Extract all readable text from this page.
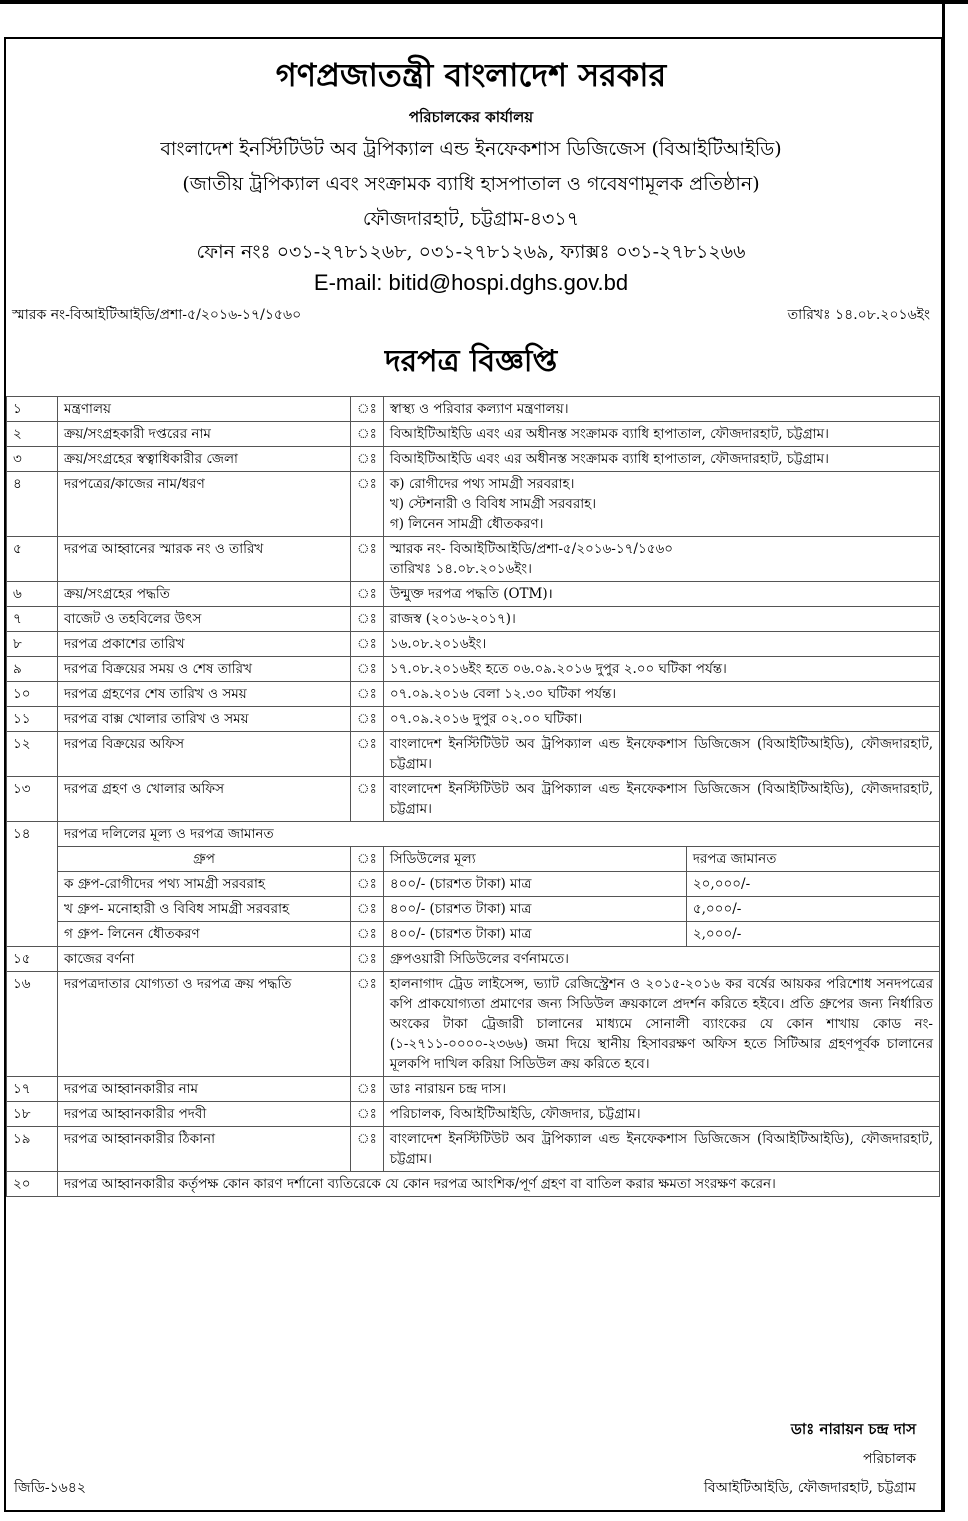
গণপ্রজাতন্ত্রী বাংলাদেশ সরকার
পরিচালকের কার্যালয়
বাংলাদেশ ইনস্টিটিউট অব ট্রপিক্যাল এন্ড ইনফেকশাস ডিজিজেস (বিআইটিআইডি)
(জাতীয় ট্রপিক্যাল এবং সংক্রামক ব্যাধি হাসপাতাল ও গবেষণামূলক প্রতিষ্ঠান)
ফৌজদারহাট, চট্টগ্রাম-৪৩১৭
ফোন নংঃ ০৩১-২৭৮১২৬৮, ০৩১-২৭৮১২৬৯, ফ্যাক্সঃ ০৩১-২৭৮১২৬৬
E-mail: bitid@hospi.dghs.gov.bd
স্মারক নং-বিআইটিআইডি/প্রশা-৫/২০১৬-১৭/১৫৬০	তারিখঃ ১৪.০৮.২০১৬ইং
দরপত্র বিজ্ঞপ্তি
১	মন্ত্রণালয়	ঃ	স্বাস্থ্য ও পরিবার কল্যাণ মন্ত্রণালয়।	
২	ক্রয়/সংগ্রহকারী দপ্তরের নাম	ঃ	বিআইটিআইডি এবং এর অধীনস্ত সংক্রামক ব্যাধি হাপাতাল, ফৌজদারহাট, চট্টগ্রাম।	
৩	ক্রয়/সংগ্রহের স্বত্বাধিকারীর জেলা	ঃ	বিআইটিআইডি এবং এর অধীনস্ত সংক্রামক ব্যাধি হাপাতাল, ফৌজদারহাট, চট্টগ্রাম।	
৪	দরপত্রের/কাজের নাম/ধরণ	ঃ	ক) রোগীদের পথ্য সামগ্রী সরবরাহ।
খ) স্টেশনারী ও বিবিধ সামগ্রী সরবরাহ।
গ) লিনেন সামগ্রী ধৌতকরণ।	

৫	দরপত্র আহ্বানের স্মারক নং ও তারিখ	ঃ	স্মারক নং- বিআইটিআইডি/প্রশা-৫/২০১৬-১৭/১৫৬০
তারিখঃ ১৪.০৮.২০১৬ইং।	

৬	ক্রয়/সংগ্রহের পদ্ধতি	ঃ	উন্মুক্ত দরপত্র পদ্ধতি (OTM)।	
৭	বাজেট ও তহবিলের উৎস	ঃ	রাজস্ব (২০১৬-২০১৭)।	
৮	দরপত্র প্রকাশের তারিখ	ঃ	১৬.০৮.২০১৬ইং।	
৯	দরপত্র বিক্রয়ের সময় ও শেষ তারিখ	ঃ	১৭.০৮.২০১৬ইং হতে ০৬.০৯.২০১৬ দুপুর ২.০০ ঘটিকা পর্যন্ত।	
১০	দরপত্র গ্রহণের শেষ তারিখ ও সময়	ঃ	০৭.০৯.২০১৬ বেলা ১২.৩০ ঘটিকা পর্যন্ত।	
১১	দরপত্র বাক্স খোলার তারিখ ও সময়	ঃ	০৭.০৯.২০১৬ দুপুর ০২.০০ ঘটিকা।	
১২	দরপত্র বিক্রয়ের অফিস	ঃ	বাংলাদেশ ইনস্টিটিউট অব ট্রপিক্যাল এন্ড ইনফেকশাস ডিজিজেস (বিআইটিআইডি), ফৌজদারহাট, চট্টগ্রাম।	
১৩	দরপত্র গ্রহণ ও খোলার অফিস	ঃ	বাংলাদেশ ইনস্টিটিউট অব ট্রপিক্যাল এন্ড ইনফেকশাস ডিজিজেস (বিআইটিআইডি), ফৌজদারহাট, চট্টগ্রাম।	
১৪	দরপত্র দলিলের মূল্য ও দরপত্র জামানত			
	গ্রুপ	ঃ	সিডিউলের মূল্য	দরপত্র জামানত
	ক গ্রুপ-রোগীদের পথ্য সামগ্রী সরবরাহ	ঃ	৪০০/- (চারশত টাকা) মাত্র	২০,০০০/-
	খ গ্রুপ- মনোহারী ও বিবিধ সামগ্রী সরবরাহ	ঃ	৪০০/- (চারশত টাকা) মাত্র	৫,০০০/-
	গ গ্রুপ- লিনেন ধৌতকরণ	ঃ	৪০০/- (চারশত টাকা) মাত্র	২,০০০/-
১৫	কাজের বর্ণনা	ঃ	গ্রুপওয়ারী সিডিউলের বর্ণনামতে।	
১৬	দরপত্রদাতার যোগ্যতা ও দরপত্র ক্রয় পদ্ধতি	ঃ	হালনাগাদ ট্রেড লাইসেন্স, ভ্যাট রেজিস্ট্রেশন ও ২০১৫-২০১৬ কর বর্ষের আয়কর পরিশোধ সনদপত্রের কপি প্রাকযোগ্যতা প্রমাণের জন্য সিডিউল ক্রয়কালে প্রদর্শন করিতে হইবে। প্রতি গ্রুপের জন্য নির্ধারিত অংকের টাকা ট্রেজারী চালানের মাধ্যমে সোনালী ব্যাংকের যে কোন শাখায় কোড নং- (১-২৭১১-০০০০-২৩৬৬) জমা দিয়ে স্থানীয় হিসাবরক্ষণ অফিস হতে সিটিআর গ্রহণপূর্বক চালানের মূলকপি দাখিল করিয়া সিডিউল ক্রয় করিতে হবে।	
১৭	দরপত্র আহ্বানকারীর নাম	ঃ	ডাঃ নারায়ন চন্দ্র দাস।	
১৮	দরপত্র আহ্বানকারীর পদবী	ঃ	পরিচালক, বিআইটিআইডি, ফৌজদার, চট্টগ্রাম।	
১৯	দরপত্র আহ্বানকারীর ঠিকানা	ঃ	বাংলাদেশ ইনস্টিটিউট অব ট্রপিক্যাল এন্ড ইনফেকশাস ডিজিজেস (বিআইটিআইডি), ফৌজদারহাট, চট্টগ্রাম।	
২০	দরপত্র আহ্বানকারীর কর্তৃপক্ষ কোন কারণ দর্শানো ব্যতিরেকে যে কোন দরপত্র আংশিক/পূর্ণ গ্রহণ বা বাতিল করার ক্ষমতা সংরক্ষণ করেন।			
ডাঃ নারায়ন চন্দ্র দাস
পরিচালক
বিআইটিআইডি, ফৌজদারহাট, চট্টগ্রাম
জিডি-১৬৪২
